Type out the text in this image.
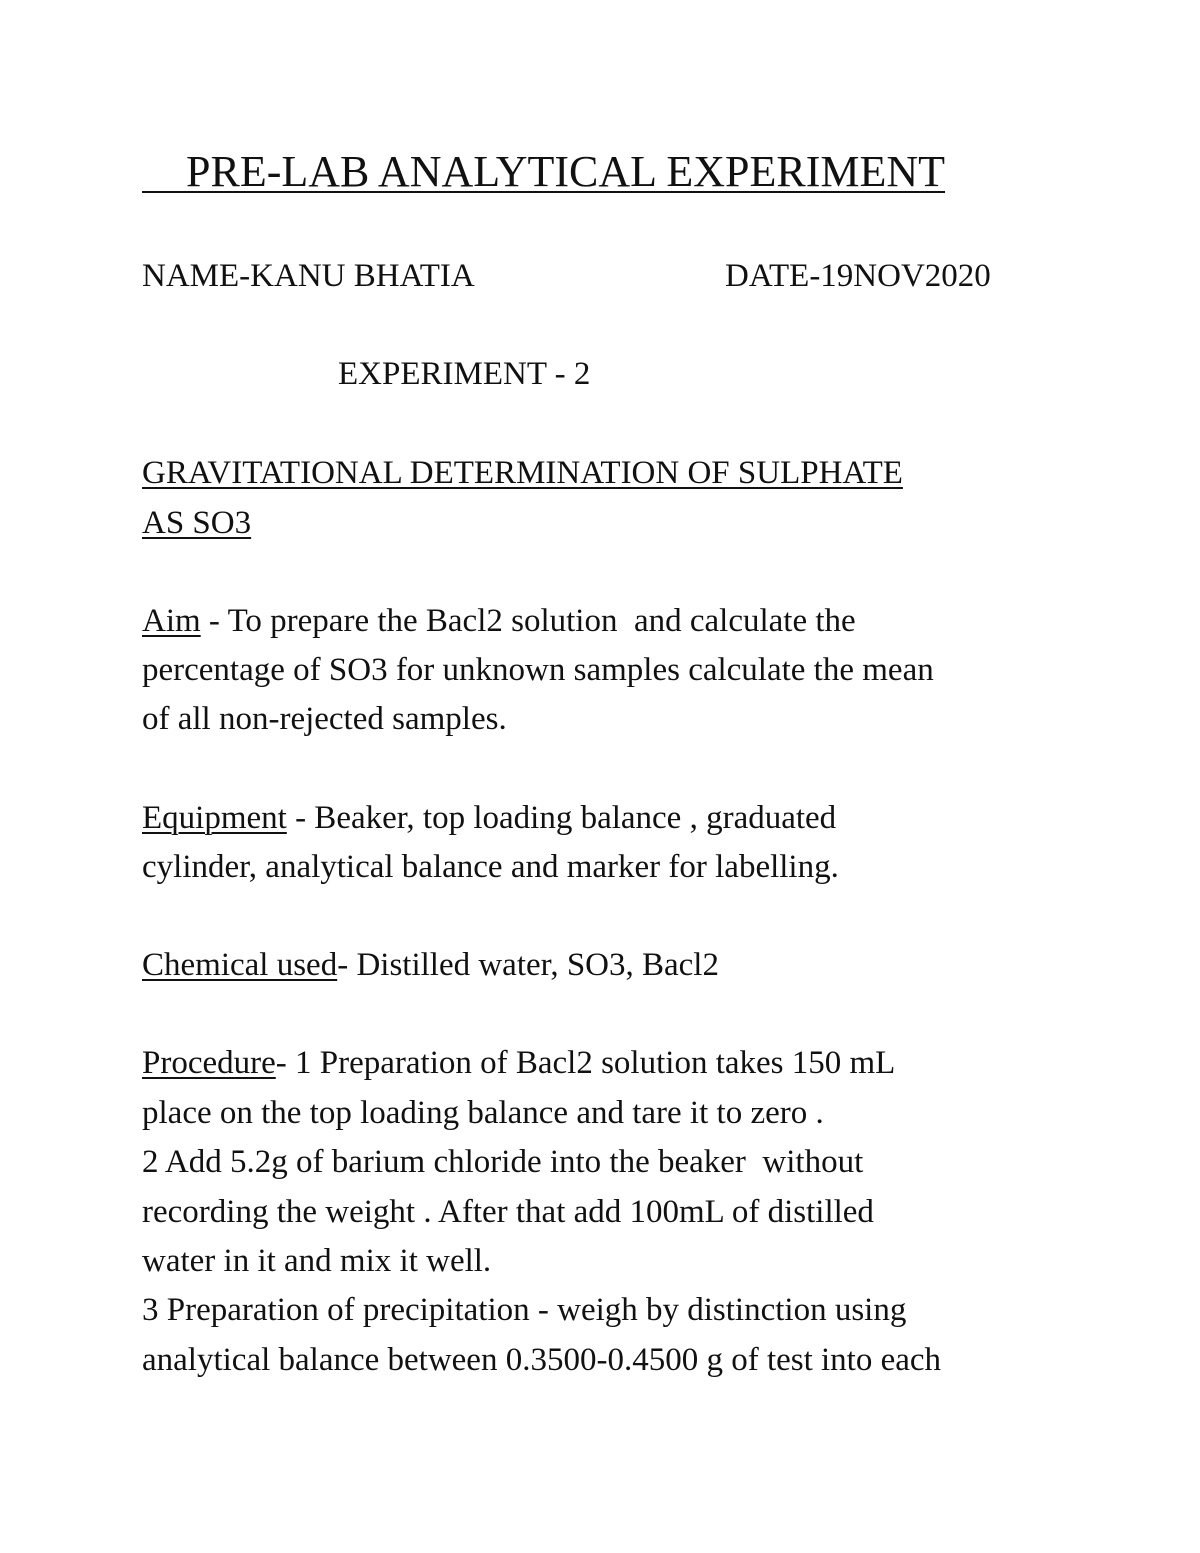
PRE-LAB ANALYTICAL EXPERIMENT
NAME-KANU BHATIA	DATE-19NOV2020
EXPERIMENT - 2
GRAVITATIONAL DETERMINATION OF SULPHATE
AS SO3
Aim - To prepare the Bacl2 solution  and calculate the
percentage of SO3 for unknown samples calculate the mean
of all non-rejected samples.
Equipment - Beaker, top loading balance , graduated
cylinder, analytical balance and marker for labelling.
Chemical used- Distilled water, SO3, Bacl2
Procedure- 1 Preparation of Bacl2 solution takes 150 mL
place on the top loading balance and tare it to zero .
2 Add 5.2g of barium chloride into the beaker  without
recording the weight . After that add 100mL of distilled
water in it and mix it well.
3 Preparation of precipitation - weigh by distinction using
analytical balance between 0.3500-0.4500 g of test into each
